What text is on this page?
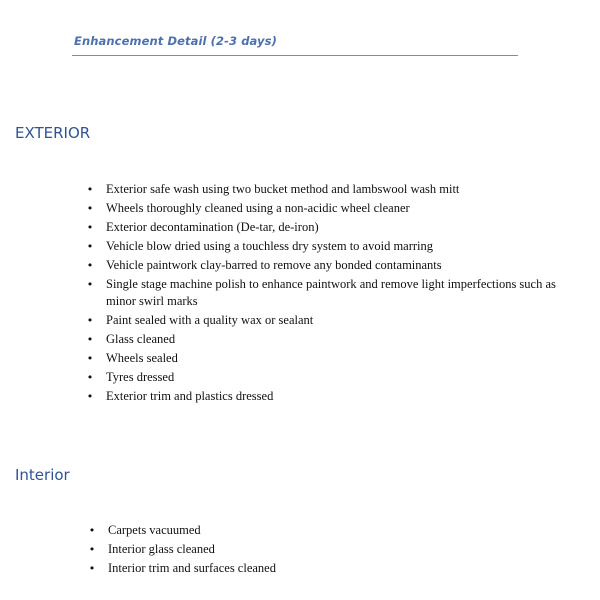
Enhancement Detail (2-3 days)
EXTERIOR
• Exterior safe wash using two bucket method and lambswool wash mitt
• Wheels thoroughly cleaned using a non-acidic wheel cleaner
• Exterior decontamination (De-tar, de-iron)
• Vehicle blow dried using a touchless dry system to avoid marring
• Vehicle paintwork clay-barred to remove any bonded contaminants
• Single stage machine polish to enhance paintwork and remove light imperfections such as minor swirl marks
• Paint sealed with a quality wax or sealant
• Glass cleaned
• Wheels sealed
• Tyres dressed
• Exterior trim and plastics dressed
Interior
• Carpets vacuumed
• Interior glass cleaned
• Interior trim and surfaces cleaned
